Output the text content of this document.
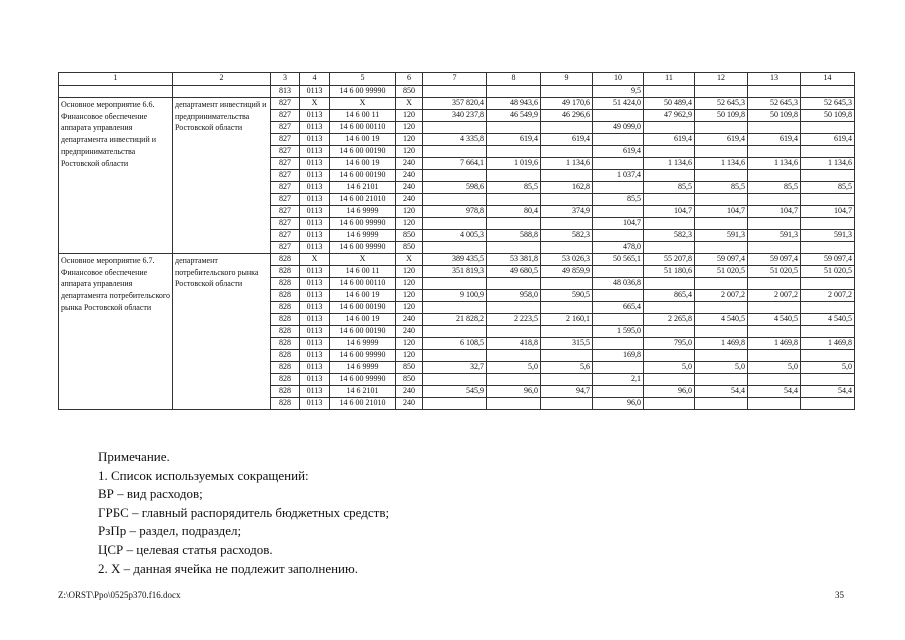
1	2	3	4	5	6	7	8	9	10	11	12	13	14
		813	0113	14 6 00 99990	850				9,5				
Основное мероприятие 6.6. Финансовое обеспечение аппарата управления департамента инвестиций и предпринимательства Ростовской области	департамент инвестиций и предпринимательства Ростовской области	827	X	X	X	357 820,4	48 943,6	49 170,6	51 424,0	50 489,4	52 645,3	52 645,3	52 645,3
		827	0113	14 6 00 11	120	340 237,8	46 549,9	46 296,6		47 962,9	50 109,8	50 109,8	50 109,8
		827	0113	14 6 00 00110	120				49 099,0				
		827	0113	14 6 00 19	120	4 335,8	619,4	619,4		619,4	619,4	619,4	619,4
		827	0113	14 6 00 00190	120				619,4				
		827	0113	14 6 00 19	240	7 664,1	1 019,6	1 134,6		1 134,6	1 134,6	1 134,6	1 134,6
		827	0113	14 6 00 00190	240				1 037,4				
		827	0113	14 6 2101	240	598,6	85,5	162,8		85,5	85,5	85,5	85,5
		827	0113	14 6 00 21010	240				85,5				
		827	0113	14 6 9999	120	978,8	80,4	374,9		104,7	104,7	104,7	104,7
		827	0113	14 6 00 99990	120				104,7				
		827	0113	14 6 9999	850	4 005,3	588,8	582,3		582,3	591,3	591,3	591,3
		827	0113	14 6 00 99990	850				478,0				
Основное мероприятие 6.7. Финансовое обеспечение аппарата управления департамента потребительского рынка Ростовской области	департамент потребительского рынка Ростовской области	828	X	X	X	389 435,5	53 381,8	53 026,3	50 565,1	55 207,8	59 097,4	59 097,4	59 097,4
		828	0113	14 6 00 11	120	351 819,3	49 680,5	49 859,9		51 180,6	51 020,5	51 020,5	51 020,5
		828	0113	14 6 00 00110	120				48 036,8				
		828	0113	14 6 00 19	120	9 100,9	958,0	590,5		865,4	2 007,2	2 007,2	2 007,2
		828	0113	14 6 00 00190	120				665,4				
		828	0113	14 6 00 19	240	21 828,2	2 223,5	2 160,1		2 265,8	4 540,5	4 540,5	4 540,5
		828	0113	14 6 00 00190	240				1 595,0				
		828	0113	14 6 9999	120	6 108,5	418,8	315,5		795,0	1 469,8	1 469,8	1 469,8
		828	0113	14 6 00 99990	120				169,8				
		828	0113	14 6 9999	850	32,7	5,0	5,6		5,0	5,0	5,0	5,0
		828	0113	14 6 00 99990	850				2,1				
		828	0113	14 6 2101	240	545,9	96,0	94,7		96,0	54,4	54,4	54,4
		828	0113	14 6 00 21010	240				96,0				
Примечание.
1. Список используемых сокращений:
ВР – вид расходов;
ГРБС – главный распорядитель бюджетных средств;
РзПр – раздел, подраздел;
ЦСР – целевая статья расходов.
2. X – данная ячейка не подлежит заполнению.
Z:\ORST\Ppo\0525p370.f16.docx	35
